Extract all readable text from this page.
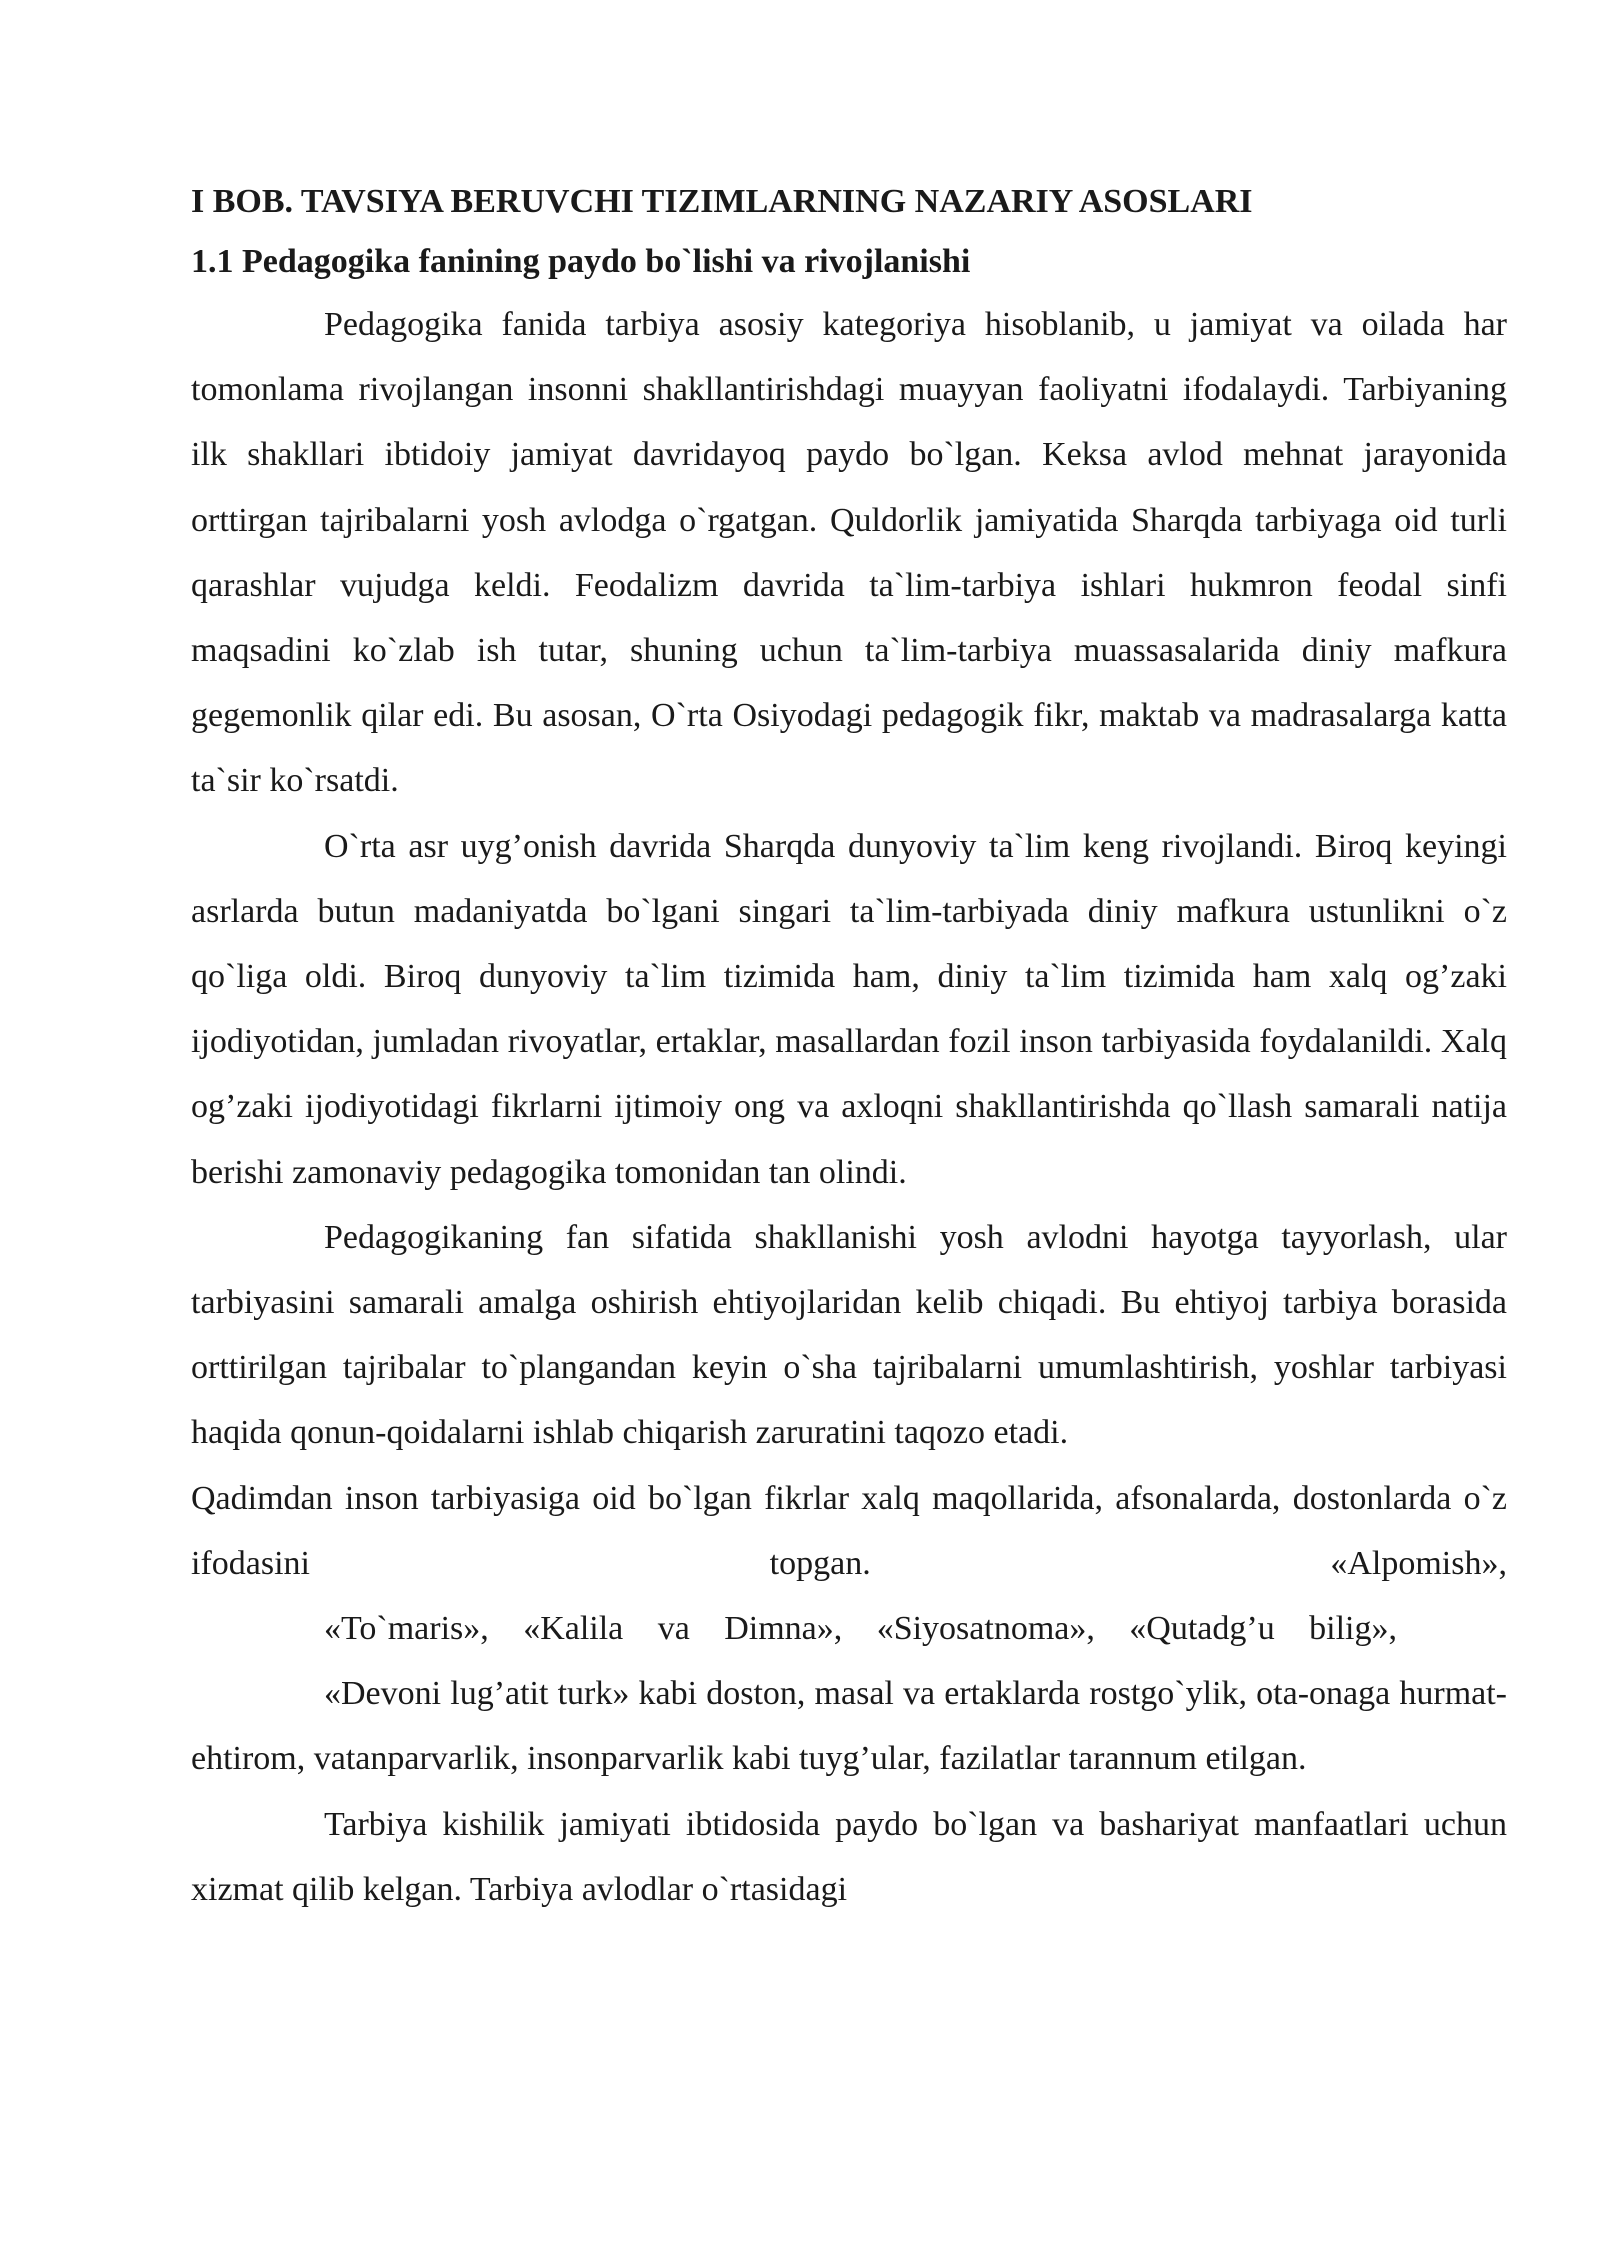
I BOB. TAVSIYA BERUVCHI TIZIMLARNING NAZARIY ASOSLARI

1.1 Pedagogika fanining paydo bo`lishi va rivojlanishi

Pedagogika fanida tarbiya asosiy kategoriya hisoblanib, u jamiyat va oilada har tomonlama rivojlangan insonni shakllantirishdagi muayyan faoliyatni ifodalaydi. Tarbiyaning ilk shakllari ibtidoiy jamiyat davridayoq paydo bo`lgan. Keksa avlod mehnat jarayonida orttirgan tajribalarni yosh avlodga o`rgatgan. Quldorlik jamiyatida Sharqda tarbiyaga oid turli qarashlar vujudga keldi. Feodalizm davrida ta`lim-tarbiya ishlari hukmron feodal sinfi maqsadini ko`zlab ish tutar, shuning uchun ta`lim-tarbiya muassasalarida diniy mafkura gegemonlik qilar edi. Bu asosan, O`rta Osiyodagi pedagogik fikr, maktab va madrasalarga katta ta`sir ko`rsatdi.

O`rta asr uyg’onish davrida Sharqda dunyoviy ta`lim keng rivojlandi. Biroq keyingi asrlarda butun madaniyatda bo`lgani singari ta`lim-tarbiyada diniy mafkura ustunlikni o`z qo`liga oldi. Biroq dunyoviy ta`lim tizimida ham, diniy ta`lim tizimida ham xalq og’zaki ijodiyotidan, jumladan rivoyatlar, ertaklar, masallardan fozil inson tarbiyasida foydalanildi. Xalq og’zaki ijodiyotidagi fikrlarni ijtimoiy ong va axloqni shakllantirishda qo`llash samarali natija berishi zamonaviy pedagogika tomonidan tan olindi.

Pedagogikaning fan sifatida shakllanishi yosh avlodni hayotga tayyorlash, ular tarbiyasini samarali amalga oshirish ehtiyojlaridan kelib chiqadi. Bu ehtiyoj tarbiya borasida orttirilgan tajribalar to`plangandan keyin o`sha tajribalarni umumlashtirish, yoshlar tarbiyasi haqida qonun-qoidalarni ishlab chiqarish zaruratini taqozo etadi.

Qadimdan inson tarbiyasiga oid bo`lgan fikrlar xalq maqollarida, afsonalarda, dostonlarda o`z ifodasini topgan. «Alpomish»,

«To`maris», «Kalila va Dimna», «Siyosatnoma», «Qutadg’u bilig»,

«Devoni lug’atit turk» kabi doston, masal va ertaklarda rostgo`ylik, ota-onaga hurmat-ehtirom, vatanparvarlik, insonparvarlik kabi tuyg’ular, fazilatlar tarannum etilgan.

Tarbiya kishilik jamiyati ibtidosida paydo bo`lgan va bashariyat manfaatlari uchun xizmat qilib kelgan. Tarbiya avlodlar o`rtasidagi
